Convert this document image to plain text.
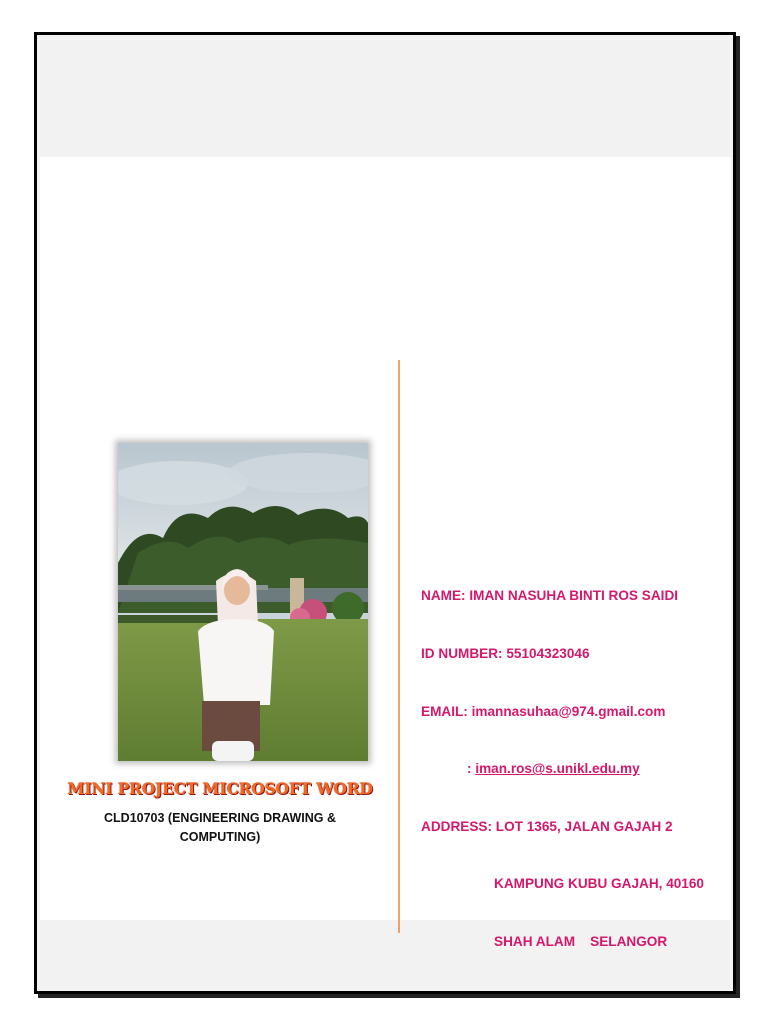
MINI PROJECT MICROSOFT WORD
CLD10703 (ENGINEERING DRAWING & COMPUTING)

NAME: IMAN NASUHA BINTI ROS SAIDI

ID NUMBER: 55104323046

EMAIL: imannasuhaa@974.gmail.com

: iman.ros@s.unikl.edu.my

ADDRESS: LOT 1365, JALAN GAJAH 2

KAMPUNG KUBU GAJAH, 40160

SHAH ALAM    SELANGOR
